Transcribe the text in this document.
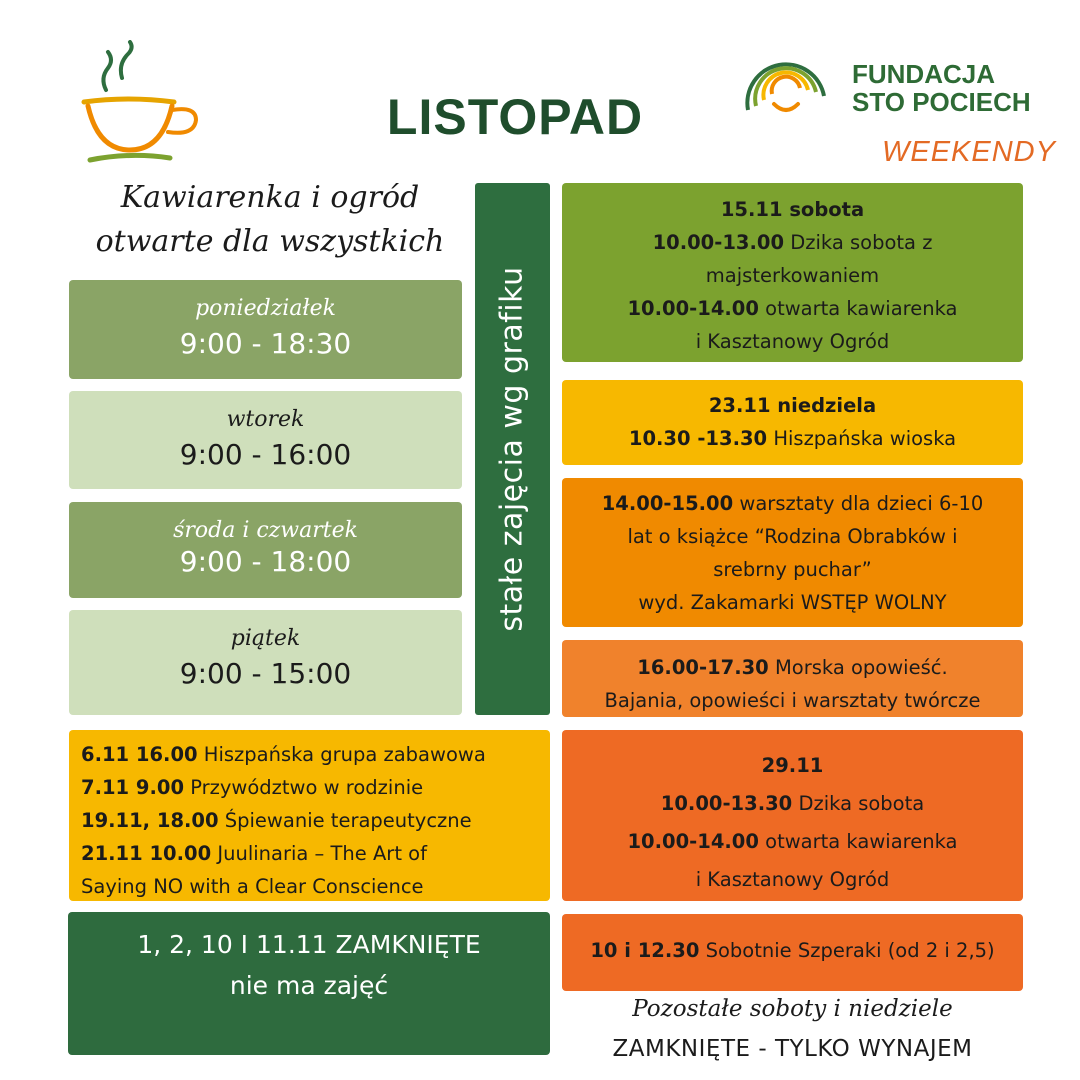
LISTOPAD
FUNDACJA
STO POCIECH
WEEKENDY
Kawiarenka i ogród
otwarte dla wszystkich
poniedziałek
9:00 - 18:30
wtorek
9:00 - 16:00
środa i czwartek
9:00 - 18:00
piątek
9:00 - 15:00
stałe zajęcia wg grafiku
6.11 16.00 Hiszpańska grupa zabawowa
7.11 9.00 Przywództwo w rodzinie
19.11, 18.00 Śpiewanie terapeutyczne
21.11 10.00 Juulinaria – The Art of
Saying NO with a Clear Conscience
1, 2, 10 I 11.11 ZAMKNIĘTE
nie ma zajęć
15.11 sobota
10.00-13.00 Dzika sobota z
majsterkowaniem
10.00-14.00 otwarta kawiarenka
i Kasztanowy Ogród
23.11 niedziela
10.30 -13.30 Hiszpańska wioska
14.00-15.00 warsztaty dla dzieci 6-10
lat o książce “Rodzina Obrabków i
srebrny puchar”
wyd. Zakamarki WSTĘP WOLNY
16.00-17.30 Morska opowieść.
Bajania, opowieści i warsztaty twórcze
29.11
10.00-13.30 Dzika sobota
10.00-14.00 otwarta kawiarenka
i Kasztanowy Ogród
10 i 12.30 Sobotnie Szperaki (od 2 i 2,5)
Pozostałe soboty i niedziele
ZAMKNIĘTE - TYLKO WYNAJEM
